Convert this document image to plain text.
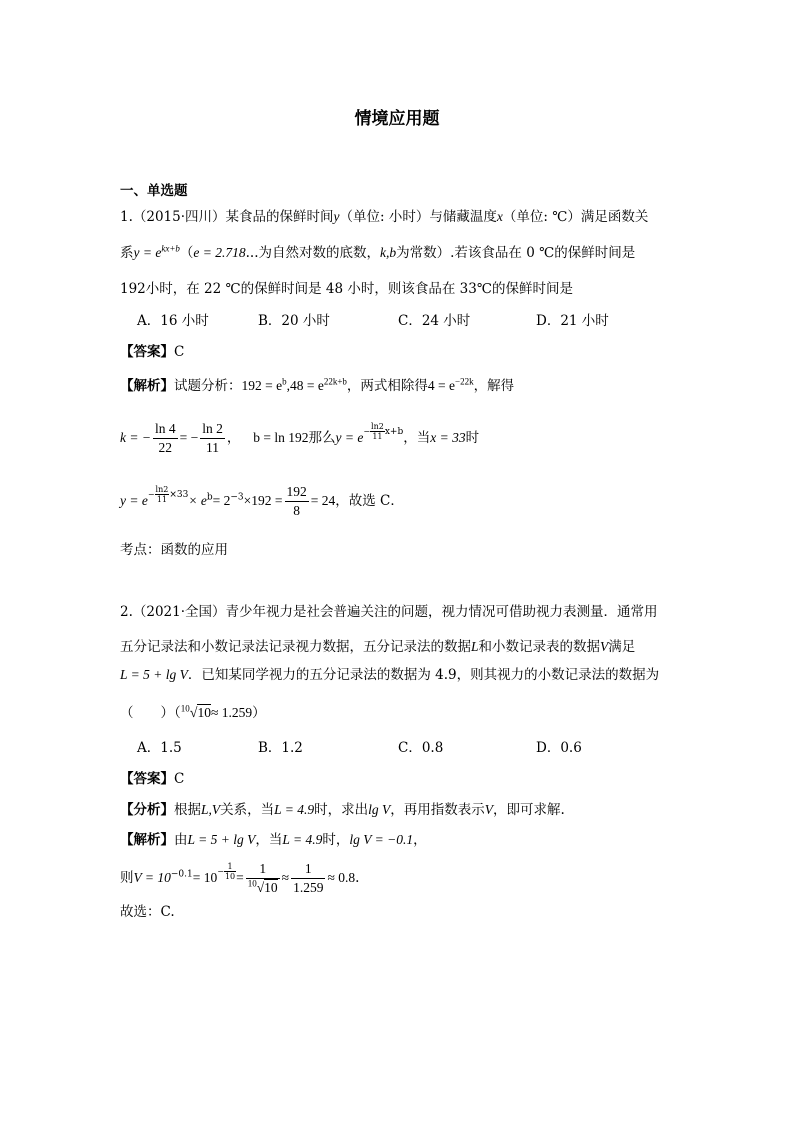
情境应用题
一、单选题
1.（2015·四川）某食品的保鲜时间y（单位: 小时）与储藏温度x（单位: ℃）满足函数关
系$y = e^{kx+b}(e = 2.718$...为自然对数的底数，k,b为常数）.若该食品在 0 ℃的保鲜时间是
192小时，在 22 ℃的保鲜时间是 48 小时，则该食品在 33℃的保鲜时间是
A．16 小时	B．20 小时	C．24 小时	D．21 小时
【答案】C
【解析】试题分析：$192 = e^b,48 = e^{22k+b}$，两式相除得$4 = e^{-22k}$，解得
k = − $\frac{\ln 4}{22}$ = − $\frac{\ln 2}{11}$ ，   b = ln 192那么$y = e^{- \frac{\ln 2}{11} x+b}$，当x = 33时
$y = e^{- \frac{\ln 2}{11} \times 33}\times e^b= 2^{-3}\times 192 = \frac{192}{8} = 24$，故选 C．
考点：函数的应用
2.（2021·全国）青少年视力是社会普遍关注的问题，视力情况可借助视力表测量．通常用
五分记录法和小数记录法记录视力数据，五分记录法的数据L和小数记录表的数据V满足
L = 5 + lg V．已知某同学视力的五分记录法的数据为 4.9，则其视力的小数记录法的数据为
（　　）（$^{10}$√10≈ 1.259）
A．1.5	B．1.2	C．0.8	D．0.6
【答案】C
【分析】根据L,V关系，当L = 4.9时，求出lg V，再用指数表示V，即可求解.
【解析】由L = 5 + lg V，当L = 4.9时，lg V = −0.1，
则$V = 10^{-0.1}= 10^{- \frac{1}{10}} = \frac{1}{^{10}√10} \approx \frac{1}{1.259} \approx 0.8$.
故选：C.
